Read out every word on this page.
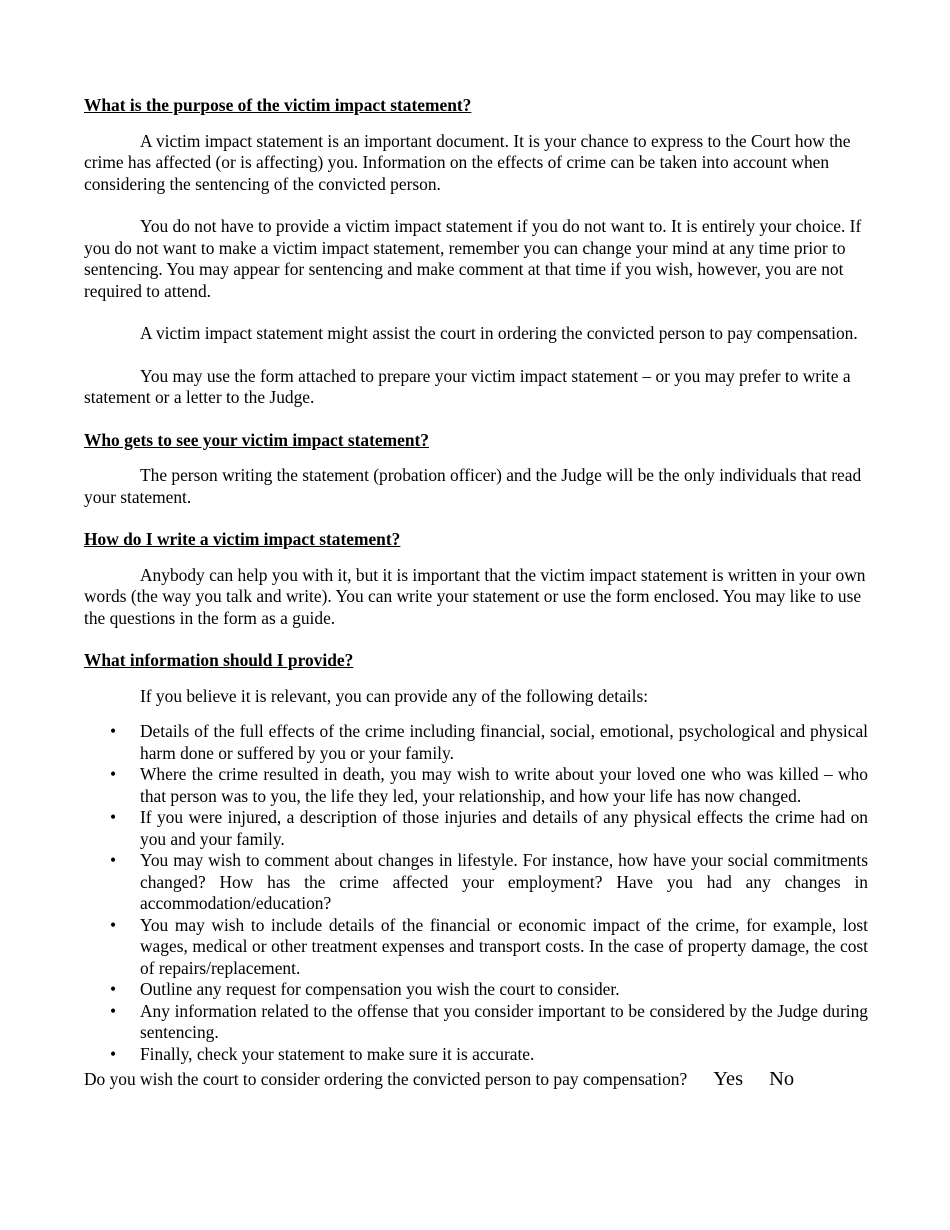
What is the purpose of the victim impact statement?

A victim impact statement is an important document. It is your chance to express to the Court how the crime has affected (or is affecting) you. Information on the effects of crime can be taken into account when considering the sentencing of the convicted person.

You do not have to provide a victim impact statement if you do not want to. It is entirely your choice. If you do not want to make a victim impact statement, remember you can change your mind at any time prior to sentencing. You may appear for sentencing and make comment at that time if you wish, however, you are not required to attend.

A victim impact statement might assist the court in ordering the convicted person to pay compensation.

You may use the form attached to prepare your victim impact statement – or you may prefer to write a statement or a letter to the Judge.

Who gets to see your victim impact statement?

The person writing the statement (probation officer) and the Judge will be the only individuals that read your statement.

How do I write a victim impact statement?

Anybody can help you with it, but it is important that the victim impact statement is written in your own words (the way you talk and write). You can write your statement or use the form enclosed. You may like to use the questions in the form as a guide.

What information should I provide?

If you believe it is relevant, you can provide any of the following details:

• Details of the full effects of the crime including financial, social, emotional, psychological and physical harm done or suffered by you or your family.
• Where the crime resulted in death, you may wish to write about your loved one who was killed – who that person was to you, the life they led, your relationship, and how your life has now changed.
• If you were injured, a description of those injuries and details of any physical effects the crime had on you and your family.
• You may wish to comment about changes in lifestyle. For instance, how have your social commitments changed? How has the crime affected your employment? Have you had any changes in accommodation/education?
• You may wish to include details of the financial or economic impact of the crime, for example, lost wages, medical or other treatment expenses and transport costs. In the case of property damage, the cost of repairs/replacement.
• Outline any request for compensation you wish the court to consider.
• Any information related to the offense that you consider important to be considered by the Judge during sentencing.
• Finally, check your statement to make sure it is accurate.
Do you wish the court to consider ordering the convicted person to pay compensation? Yes No
